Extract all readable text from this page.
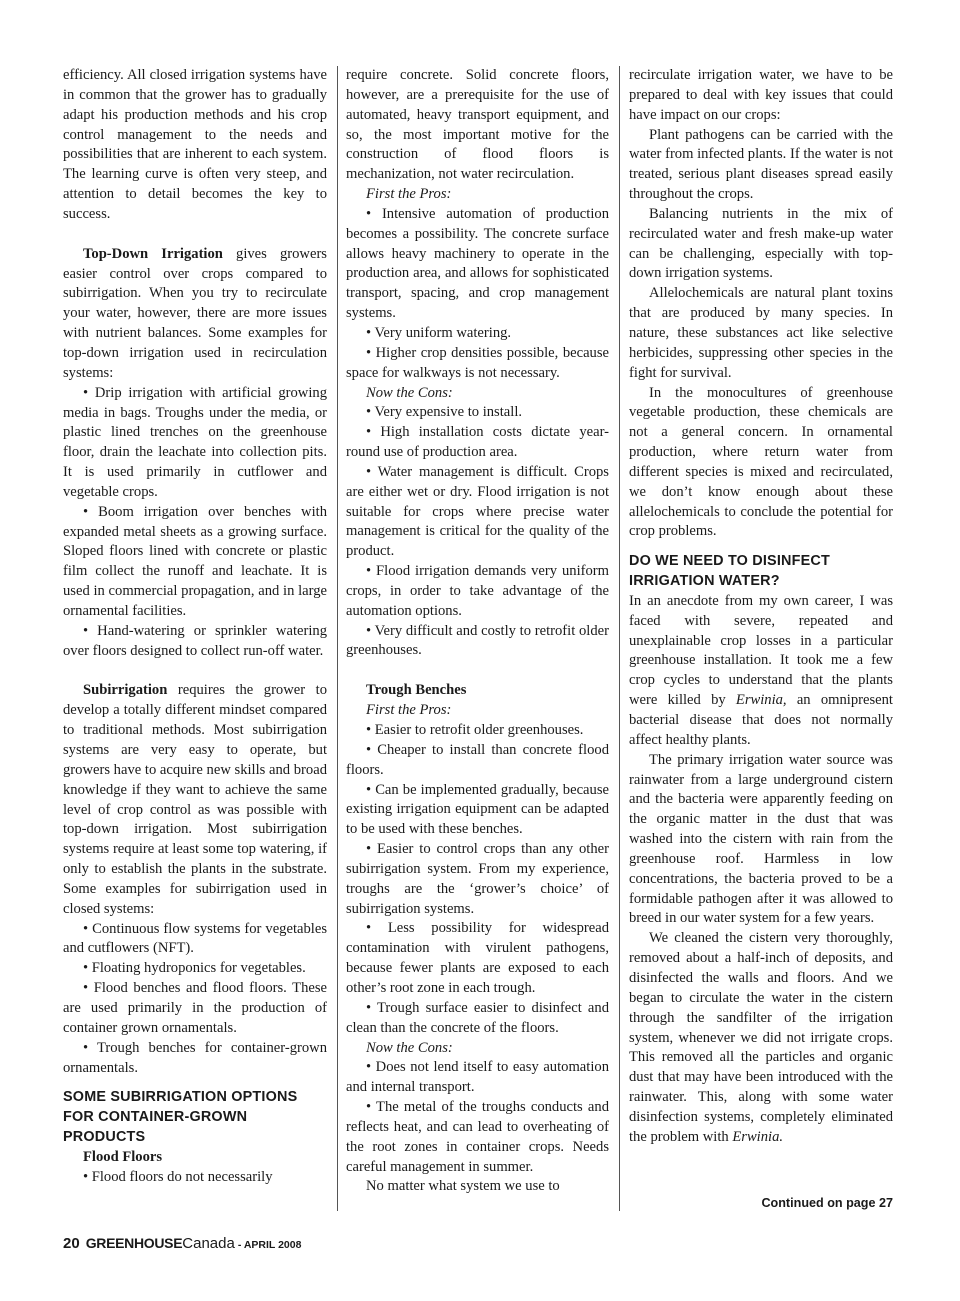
efficiency. All closed irrigation systems have in common that the grower has to gradually adapt his production methods and his crop control management to the needs and possibilities that are inherent to each system. The learning curve is often very steep, and attention to detail becomes the key to success.

Top-Down Irrigation gives growers easier control over crops compared to subirrigation. When you try to recirculate your water, however, there are more issues with nutrient balances. Some examples for top-down irrigation used in recirculation systems:

• Drip irrigation with artificial growing media in bags. Troughs under the media, or plastic lined trenches on the greenhouse floor, drain the leachate into collection pits. It is used primarily in cutflower and vegetable crops.

• Boom irrigation over benches with expanded metal sheets as a growing surface. Sloped floors lined with concrete or plastic film collect the runoff and leachate. It is used in commercial propagation, and in large ornamental facilities.

• Hand-watering or sprinkler watering over floors designed to collect run-off water.

Subirrigation requires the grower to develop a totally different mindset compared to traditional methods. Most subirrigation systems are very easy to operate, but growers have to acquire new skills and broad knowledge if they want to achieve the same level of crop control as was possible with top-down irrigation. Most subirrigation systems require at least some top watering, if only to establish the plants in the substrate. Some examples for subirrigation used in closed systems:

• Continuous flow systems for vegetables and cutflowers (NFT).

• Floating hydroponics for vegetables.

• Flood benches and flood floors. These are used primarily in the production of container grown ornamentals.

• Trough benches for container-grown ornamentals.

SOME SUBIRRIGATION OPTIONS FOR CONTAINER-GROWN PRODUCTS

Flood Floors

• Flood floors do not necessarily

require concrete. Solid concrete floors, however, are a prerequisite for the use of automated, heavy transport equipment, and so, the most important motive for the construction of flood floors is mechanization, not water recirculation.

First the Pros:

• Intensive automation of production becomes a possibility. The concrete surface allows heavy machinery to operate in the production area, and allows for sophisticated transport, spacing, and crop management systems.

• Very uniform watering.

• Higher crop densities possible, because space for walkways is not necessary.

Now the Cons:

• Very expensive to install.

• High installation costs dictate year-round use of production area.

• Water management is difficult. Crops are either wet or dry. Flood irrigation is not suitable for crops where precise water management is critical for the quality of the product.

• Flood irrigation demands very uniform crops, in order to take advantage of the automation options.

• Very difficult and costly to retrofit older greenhouses.

Trough Benches

First the Pros:

• Easier to retrofit older greenhouses.

• Cheaper to install than concrete flood floors.

• Can be implemented gradually, because existing irrigation equipment can be adapted to be used with these benches.

• Easier to control crops than any other subirrigation system. From my experience, troughs are the ‘grower’s choice’ of subirrigation systems.

• Less possibility for widespread contamination with virulent pathogens, because fewer plants are exposed to each other’s root zone in each trough.

• Trough surface easier to disinfect and clean than the concrete of the floors.

Now the Cons:

• Does not lend itself to easy automation and internal transport.

• The metal of the troughs conducts and reflects heat, and can lead to overheating of the root zones in container crops. Needs careful management in summer.

No matter what system we use to

recirculate irrigation water, we have to be prepared to deal with key issues that could have impact on our crops:

Plant pathogens can be carried with the water from infected plants. If the water is not treated, serious plant diseases spread easily throughout the crops.

Balancing nutrients in the mix of recirculated water and fresh make-up water can be challenging, especially with top-down irrigation systems.

Allelochemicals are natural plant toxins that are produced by many species. In nature, these substances act like selective herbicides, suppressing other species in the fight for survival.

In the monocultures of greenhouse vegetable production, these chemicals are not a general concern. In ornamental production, where return water from different species is mixed and recirculated, we don’t know enough about these allelochemicals to conclude the potential for crop problems.

DO WE NEED TO DISINFECT IRRIGATION WATER?

In an anecdote from my own career, I was faced with severe, repeated and unexplainable crop losses in a particular greenhouse installation. It took me a few crop cycles to understand that the plants were killed by Erwinia, an omnipresent bacterial disease that does not normally affect healthy plants.

The primary irrigation water source was rainwater from a large underground cistern and the bacteria were apparently feeding on the organic matter in the dust that was washed into the cistern with rain from the greenhouse roof. Harmless in low concentrations, the bacteria proved to be a formidable pathogen after it was allowed to breed in our water system for a few years.

We cleaned the cistern very thoroughly, removed about a half-inch of deposits, and disinfected the walls and floors. And we began to circulate the water in the cistern through the sandfilter of the irrigation system, whenever we did not irrigate crops. This removed all the particles and organic dust that may have been introduced with the rainwater. This, along with some water disinfection systems, completely eliminated the problem with Erwinia.

Continued on page 27
20 GREENHOUSE Canada - APRIL 2008
